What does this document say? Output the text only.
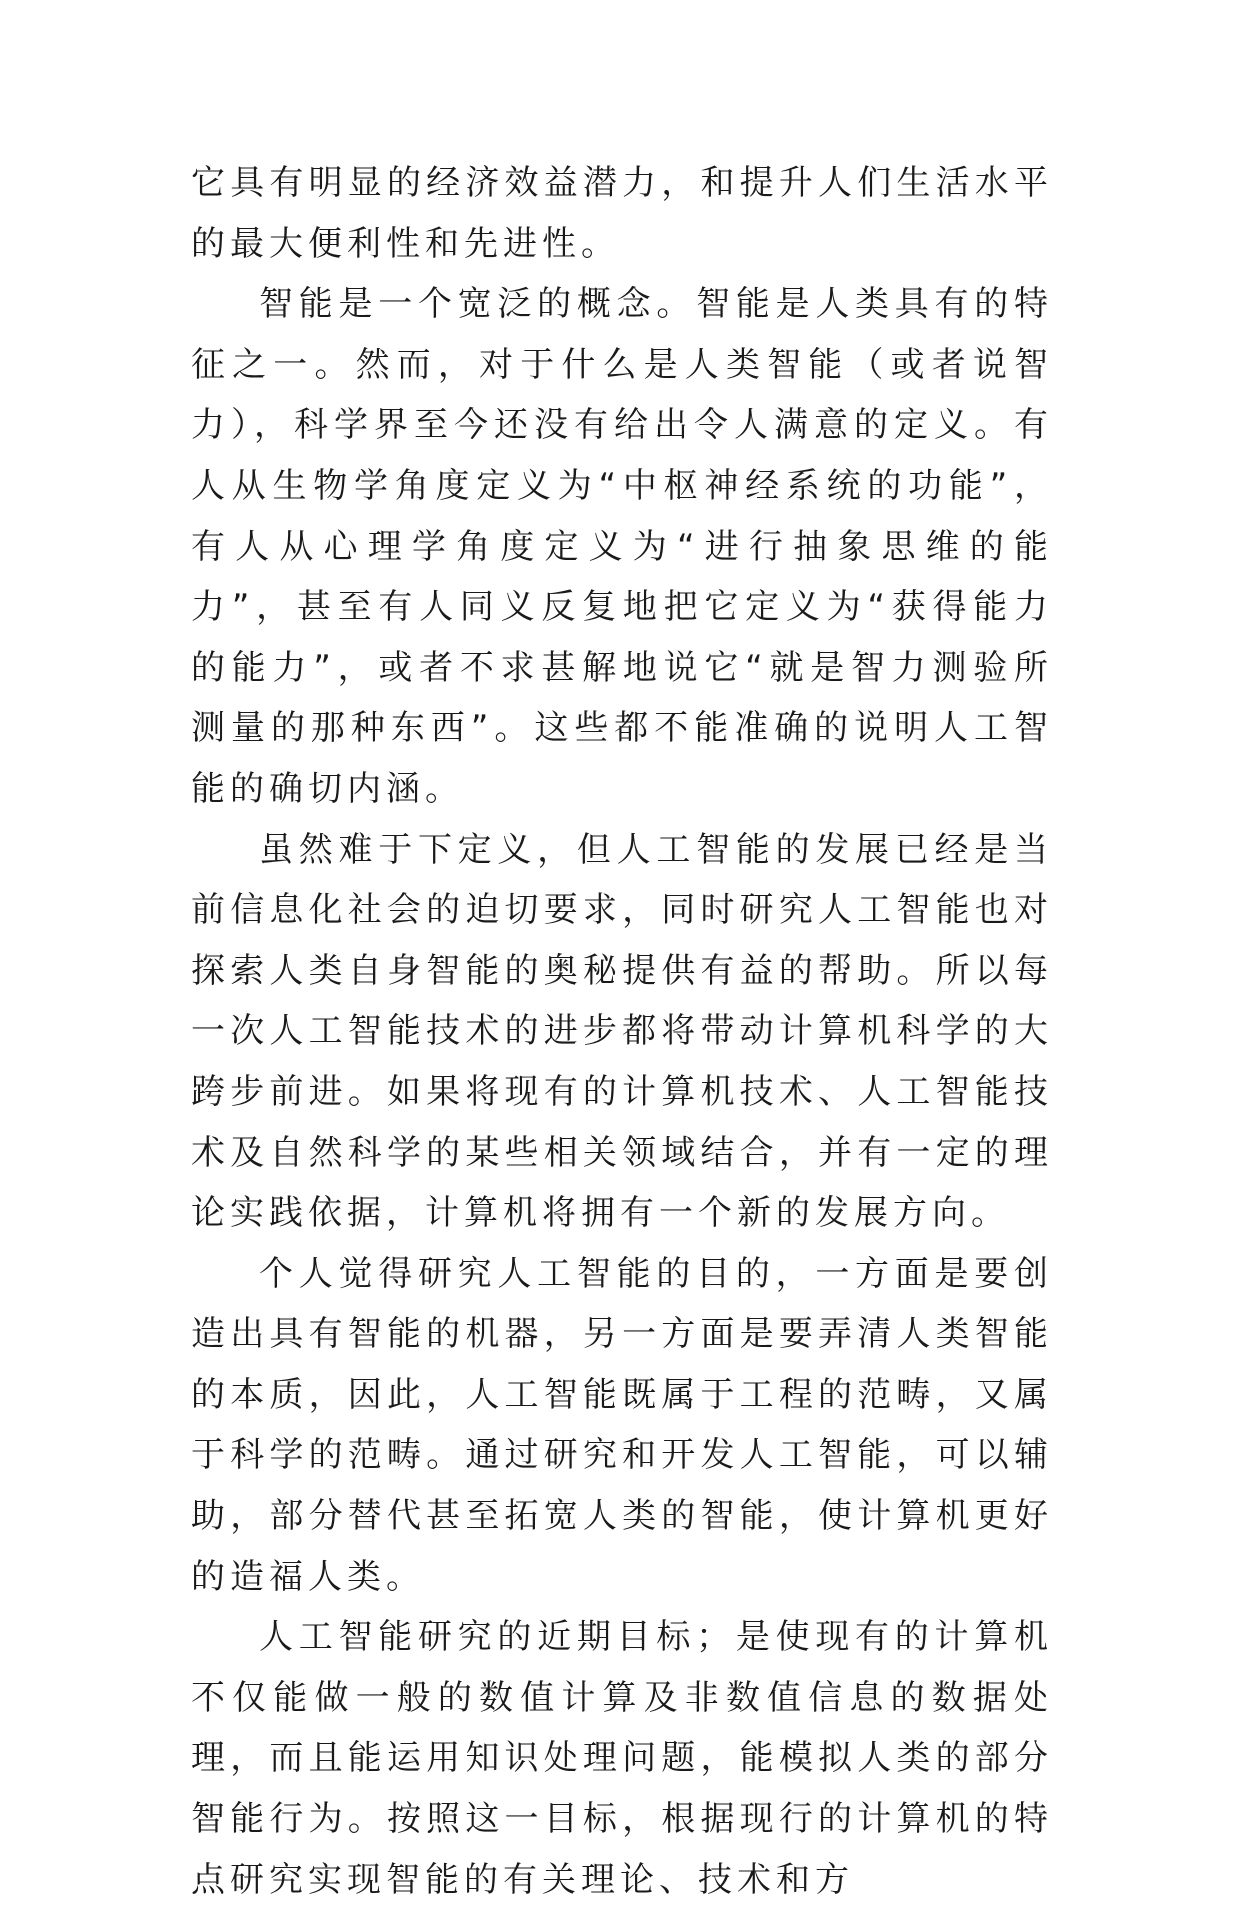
它具有明显的经济效益潜力，和提升人们生活水平的最大便利性和先进性。

智能是一个宽泛的概念。智能是人类具有的特征之一。然而，对于什么是人类智能（或者说智力），科学界至今还没有给出令人满意的定义。有人从生物学角度定义为“中枢神经系统的功能”，有人从心理学角度定义为“进行抽象思维的能力”，甚至有人同义反复地把它定义为“获得能力的能力”，或者不求甚解地说它“就是智力测验所测量的那种东西”。这些都不能准确的说明人工智能的确切内涵。

虽然难于下定义，但人工智能的发展已经是当前信息化社会的迫切要求，同时研究人工智能也对探索人类自身智能的奥秘提供有益的帮助。所以每一次人工智能技术的进步都将带动计算机科学的大跨步前进。如果将现有的计算机技术、人工智能技术及自然科学的某些相关领域结合，并有一定的理论实践依据，计算机将拥有一个新的发展方向。

个人觉得研究人工智能的目的，一方面是要创造出具有智能的机器，另一方面是要弄清人类智能的本质，因此，人工智能既属于工程的范畴，又属于科学的范畴。通过研究和开发人工智能，可以辅助，部分替代甚至拓宽人类的智能，使计算机更好的造福人类。

人工智能研究的近期目标；是使现有的计算机不仅能做一般的数值计算及非数值信息的数据处理，而且能运用知识处理问题，能模拟人类的部分智能行为。按照这一目标，根据现行的计算机的特点研究实现智能的有关理论、技术和方
